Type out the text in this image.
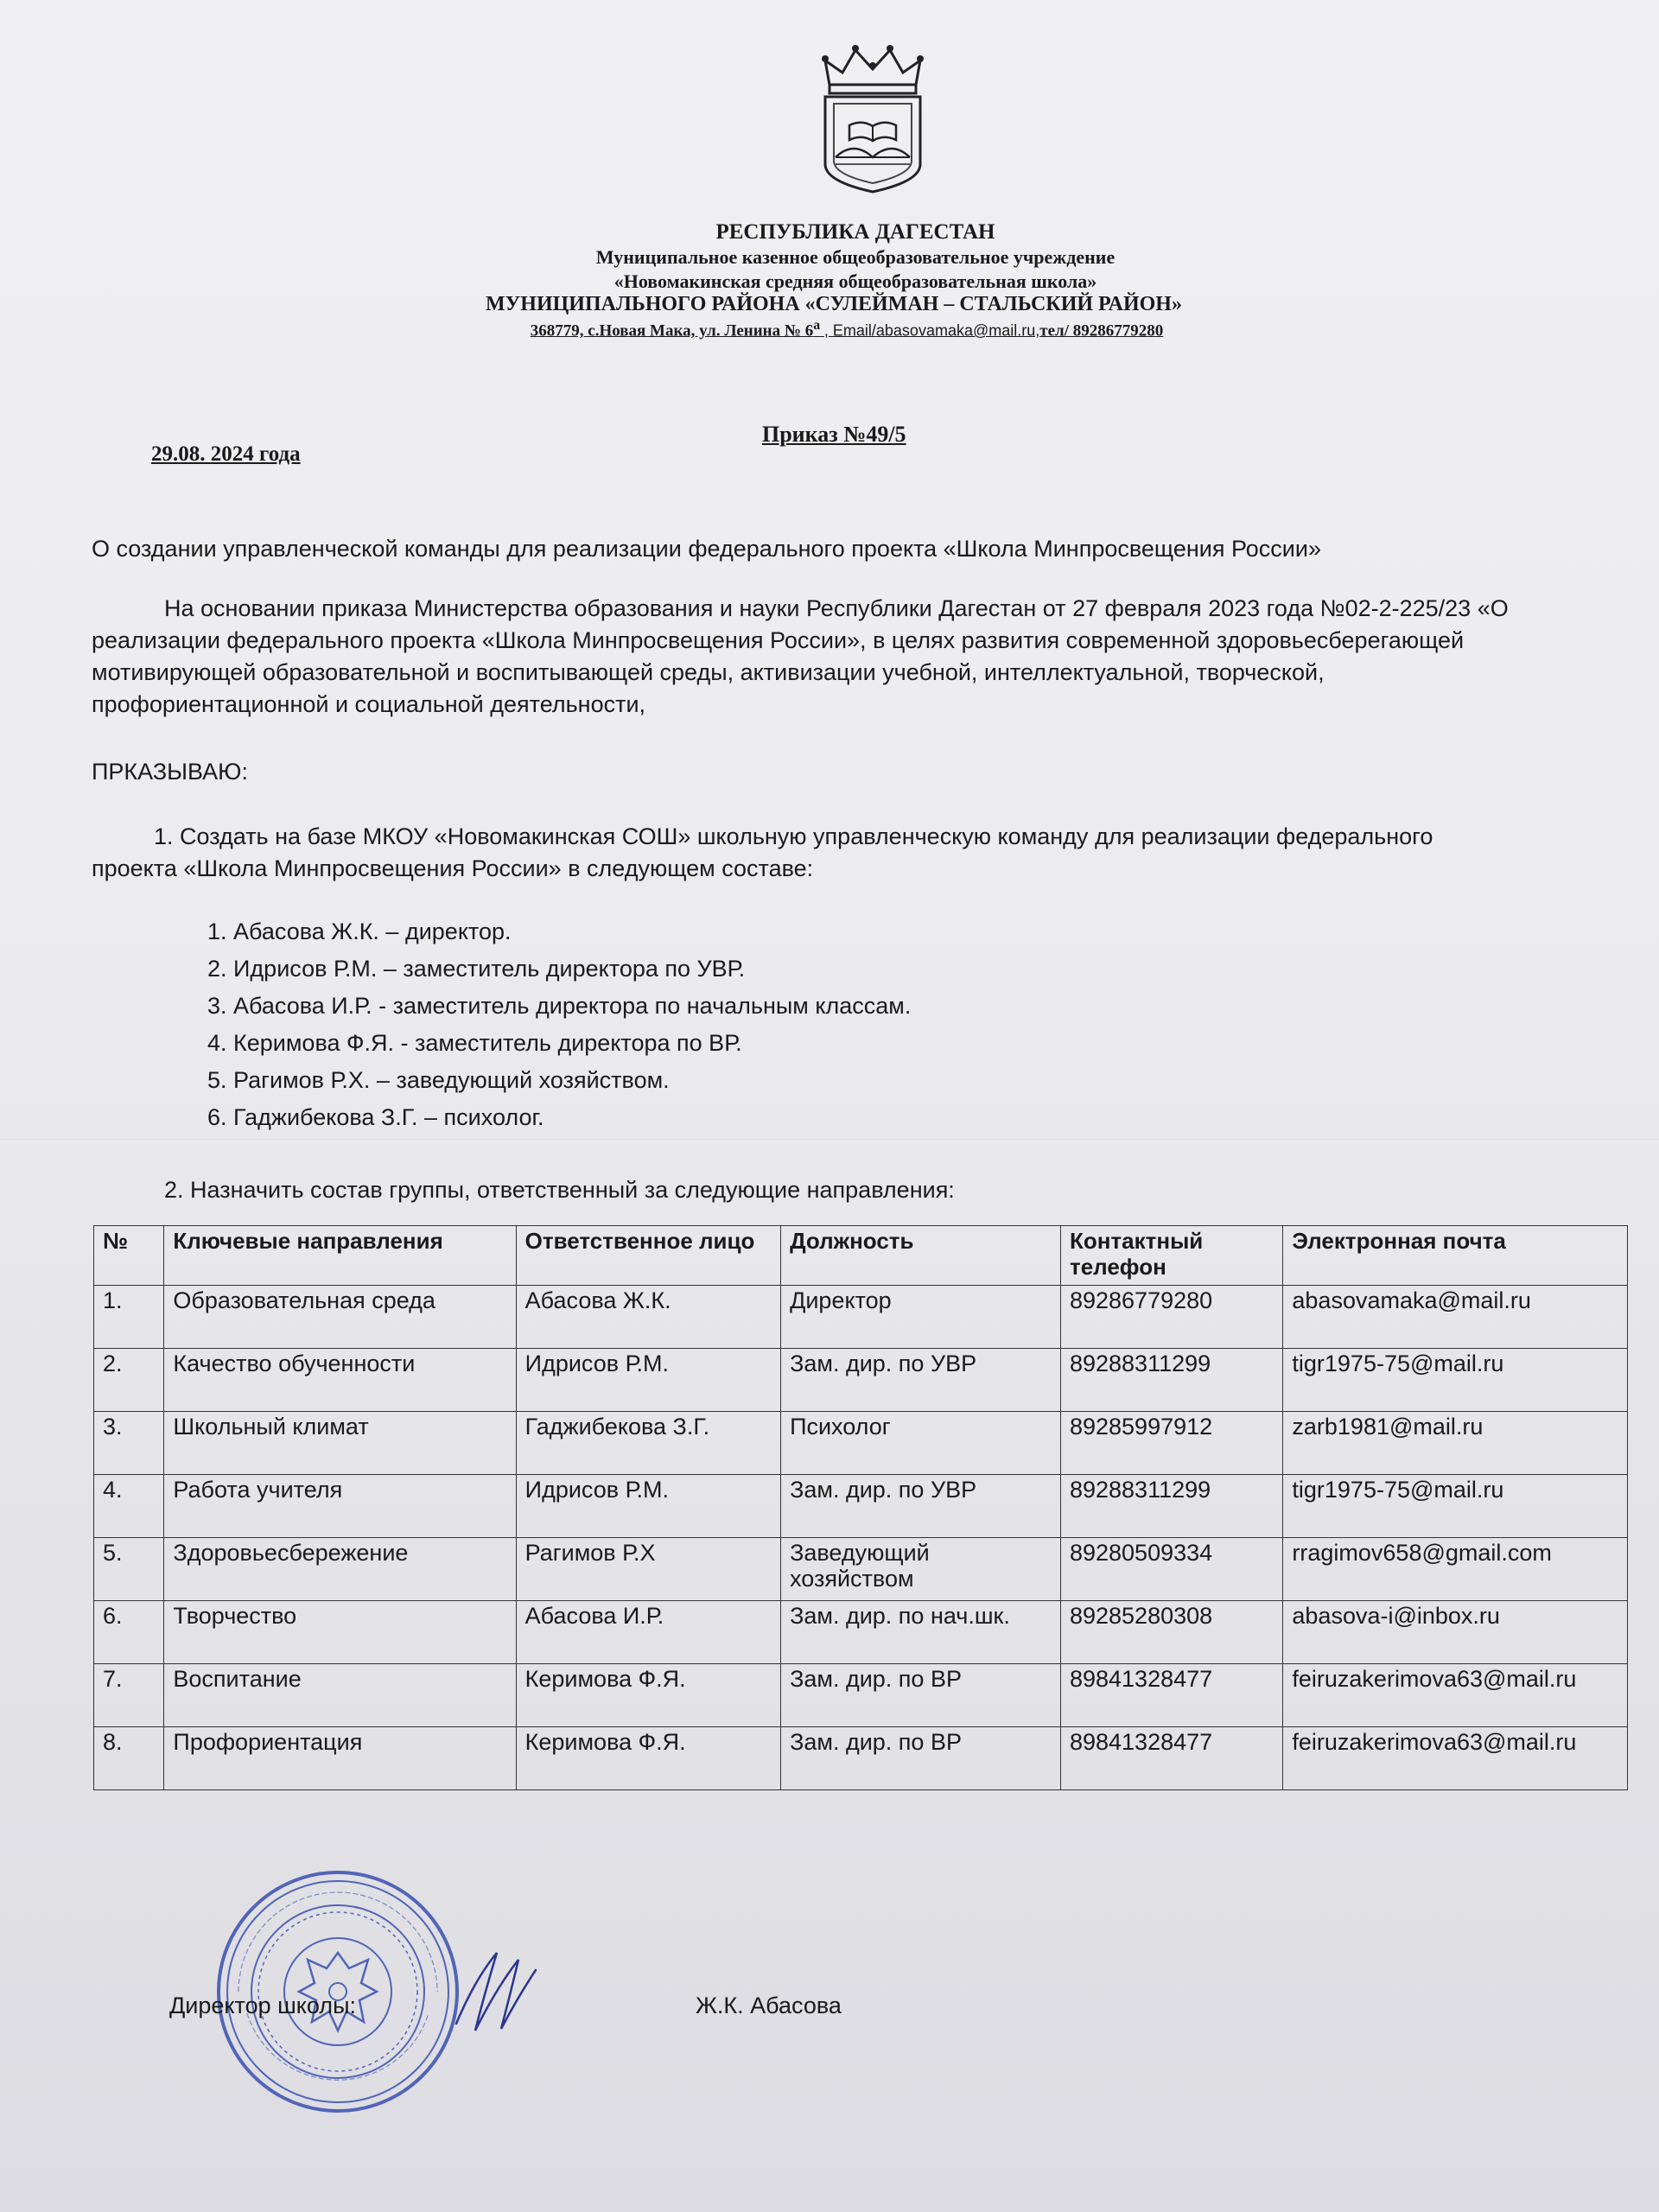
РЕСПУБЛИКА ДАГЕСТАН
Муниципальное казенное общеобразовательное учреждение
«Новомакинская средняя общеобразовательная школа»
МУНИЦИПАЛЬНОГО РАЙОНА «СУЛЕЙМАН – СТАЛЬСКИЙ РАЙОН»
368779, с.Новая Мака, ул. Ленина № $6^а$ , Email/abasovamaka@mail.ru,тел/ 89286779280
Приказ №49/5
29.08. 2024 года
О создании управленческой команды для реализации федерального проекта «Школа Минпросвещения России»
На основании приказа Министерства образования и науки Республики Дагестан от 27 февраля 2023 года №02-2-225/23 «О реализации федерального проекта «Школа Минпросвещения России», в целях развития современной здоровьесберегающей мотивирующей образовательной и воспитывающей среды, активизации учебной, интеллектуальной, творческой, профориентационной и социальной деятельности,
ПРКАЗЫВАЮ:
1. Создать на базе МКОУ «Новомакинская СОШ» школьную управленческую команду для реализации федерального проекта «Школа Минпросвещения России» в следующем составе:
1. Абасова Ж.К. – директор.
2. Идрисов Р.М. – заместитель директора по УВР.
3. Абасова И.Р. - заместитель директора по начальным классам.
4. Керимова Ф.Я. - заместитель директора по ВР.
5. Рагимов Р.Х. – заведующий хозяйством.
6. Гаджибекова З.Г. – психолог.
2. Назначить состав группы, ответственный за следующие направления:
№	Ключевые направления	Ответственное лицо	Должность	Контактный телефон	Электронная почта
1.	Образовательная среда	Абасова Ж.К.	Директор	89286779280	abasovamaka@mail.ru
2.	Качество обученности	Идрисов Р.М.	Зам. дир. по УВР	89288311299	tigr1975-75@mail.ru
3.	Школьный климат	Гаджибекова З.Г.	Психолог	89285997912	zarb1981@mail.ru
4.	Работа учителя	Идрисов Р.М.	Зам. дир. по УВР	89288311299	tigr1975-75@mail.ru
5.	Здоровьесбережение	Рагимов Р.Х	Заведующий хозяйством	89280509334	rragimov658@gmail.com
6.	Творчество	Абасова И.Р.	Зам. дир. по нач.шк.	89285280308	abasova-i@inbox.ru
7.	Воспитание	Керимова Ф.Я.	Зам. дир. по ВР	89841328477	feiruzakerimova63@mail.ru
8.	Профориентация	Керимова Ф.Я.	Зам. дир. по ВР	89841328477	feiruzakerimova63@mail.ru
Директор школы:	Ж.К. Абасова
